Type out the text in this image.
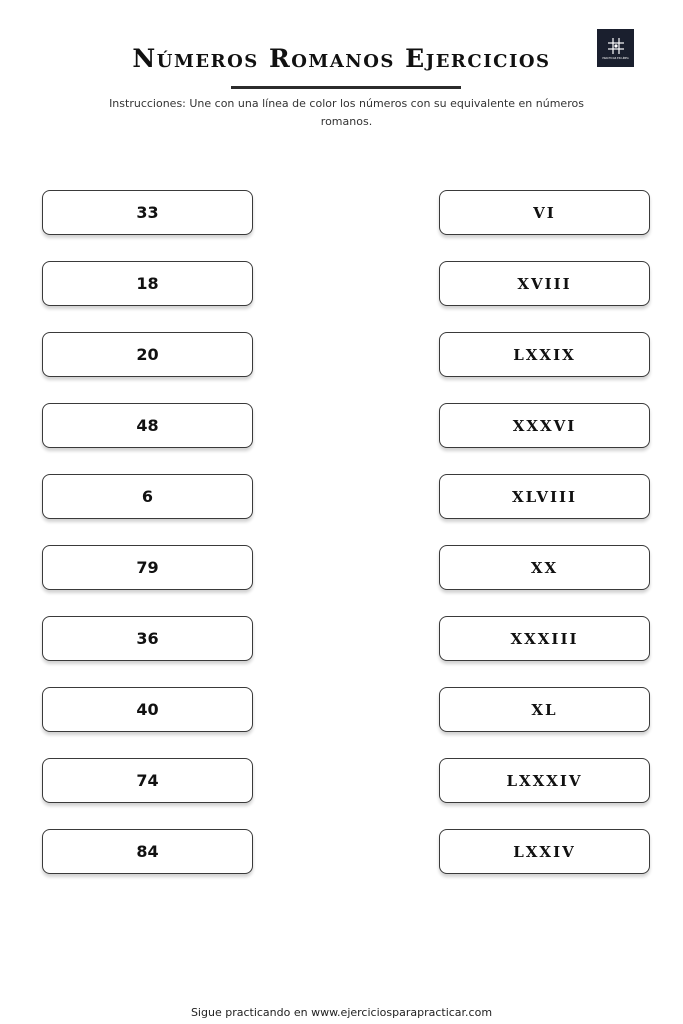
Números Romanos Ejercicios	PRACTICAR EN LÍNEA

Instrucciones: Une con una línea de color los números con su equivalente en números romanos.

33
18
20
48
6
79
36
40
74
84
VI
XVIII
LXXIX
XXXVI
XLVIII
XX
XXXIII
XL
LXXXIV
LXXIV
Sigue practicando en www.ejerciciosparapracticar.com
